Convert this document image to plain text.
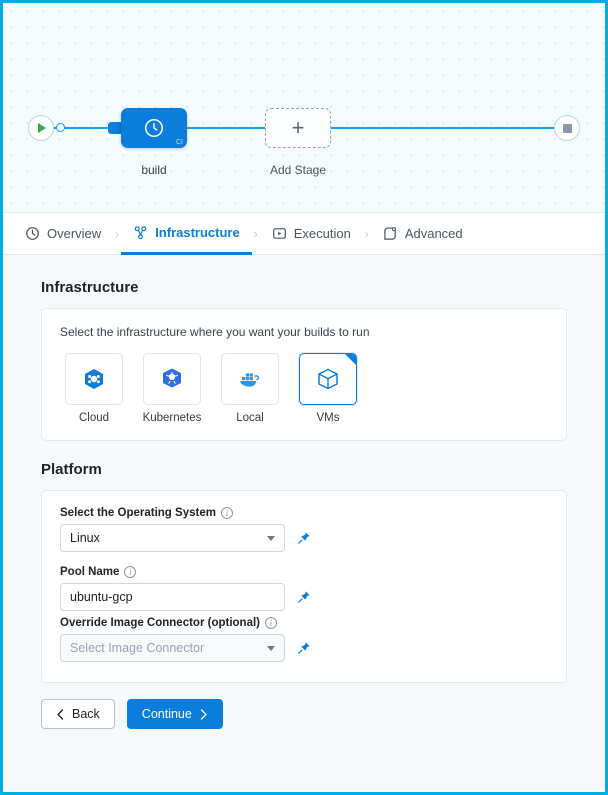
CI
build
+
Add Stage
Overview ›	Infrastructure ›	Execution ›	Advanced
Infrastructure
Select the infrastructure where you want your builds to run
Cloud	Kubernetes	Local	VMs
Platform
Select the Operating System	i
Linux
Pool Name	i
ubuntu-gcp
Override Image Connector (optional)	i
Select Image Connector
Back	Continue
